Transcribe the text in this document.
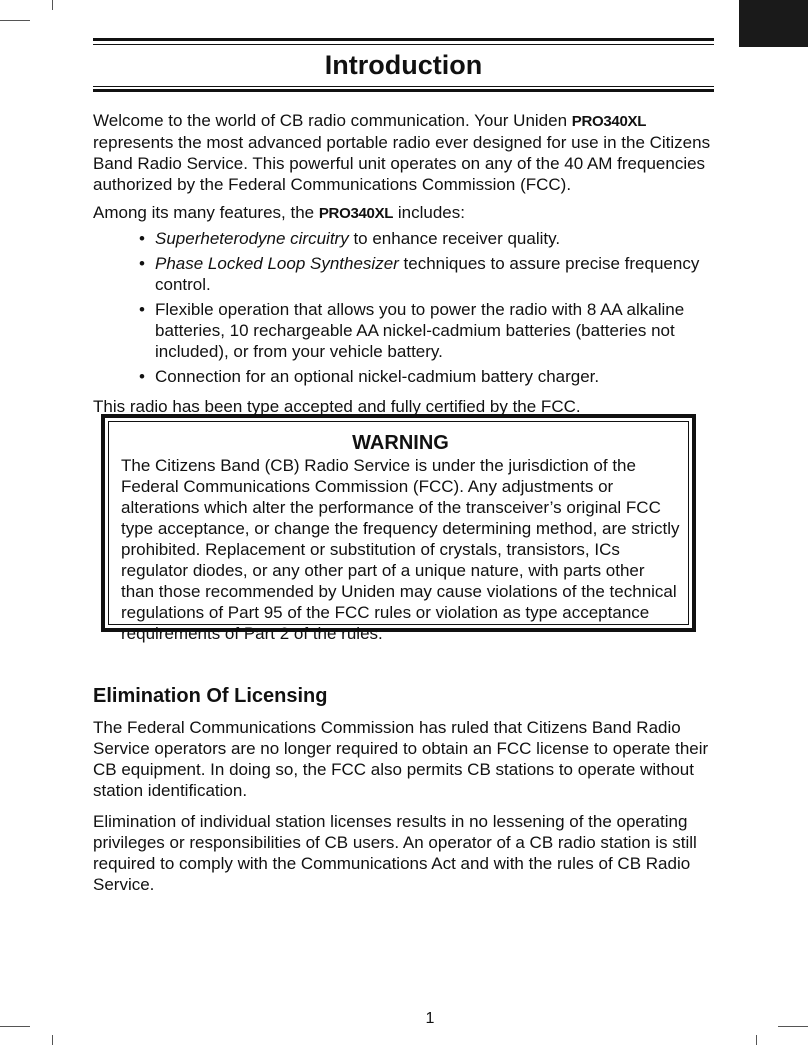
Introduction

Welcome to the world of CB radio communication. Your Uniden PRO340XL represents the most advanced portable radio ever designed for use in the Citizens Band Radio Service. This powerful unit operates on any of the 40 AM frequencies authorized by the Federal Communications Commission (FCC).

Among its many features, the PRO340XL includes:

• Superheterodyne circuitry to enhance receiver quality.
• Phase Locked Loop Synthesizer techniques to assure precise frequency control.
• Flexible operation that allows you to power the radio with 8 AA alkaline batteries, 10 rechargeable AA nickel-cadmium batteries (batteries not included), or from your vehicle battery.
• Connection for an optional nickel-cadmium battery charger.

This radio has been type accepted and fully certified by the FCC.

WARNING
The Citizens Band (CB) Radio Service is under the jurisdiction of the Federal Communications Commission (FCC). Any adjustments or alterations which alter the performance of the transceiver’s original FCC type acceptance, or change the frequency determining method, are strictly prohibited. Replacement or substitution of crystals, transistors, ICs regulator diodes, or any other part of a unique nature, with parts other than those recommended by Uniden may cause violations of the technical regulations of Part 95 of the FCC rules or violation as type acceptance requirements of Part 2 of the rules.
Elimination Of Licensing

The Federal Communications Commission has ruled that Citizens Band Radio Service operators are no longer required to obtain an FCC license to operate their CB equipment. In doing so, the FCC also permits CB stations to operate without station identification.

Elimination of individual station licenses results in no lessening of the operating privileges or responsibilities of CB users. An operator of a CB radio station is still required to comply with the Communications Act and with the rules of CB Radio Service.

1
